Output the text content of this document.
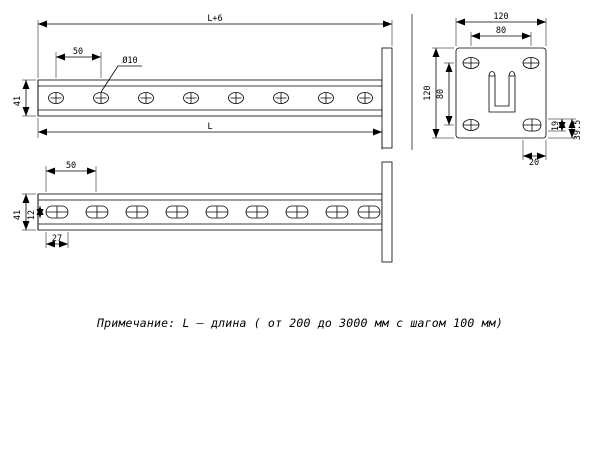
L+6
L
50
Ø10
41
50
41 12
27
120
80
120 80
20
19 39.5
Примечание: L – длина ( от 200 до 3000 мм с шагом 100 мм)
